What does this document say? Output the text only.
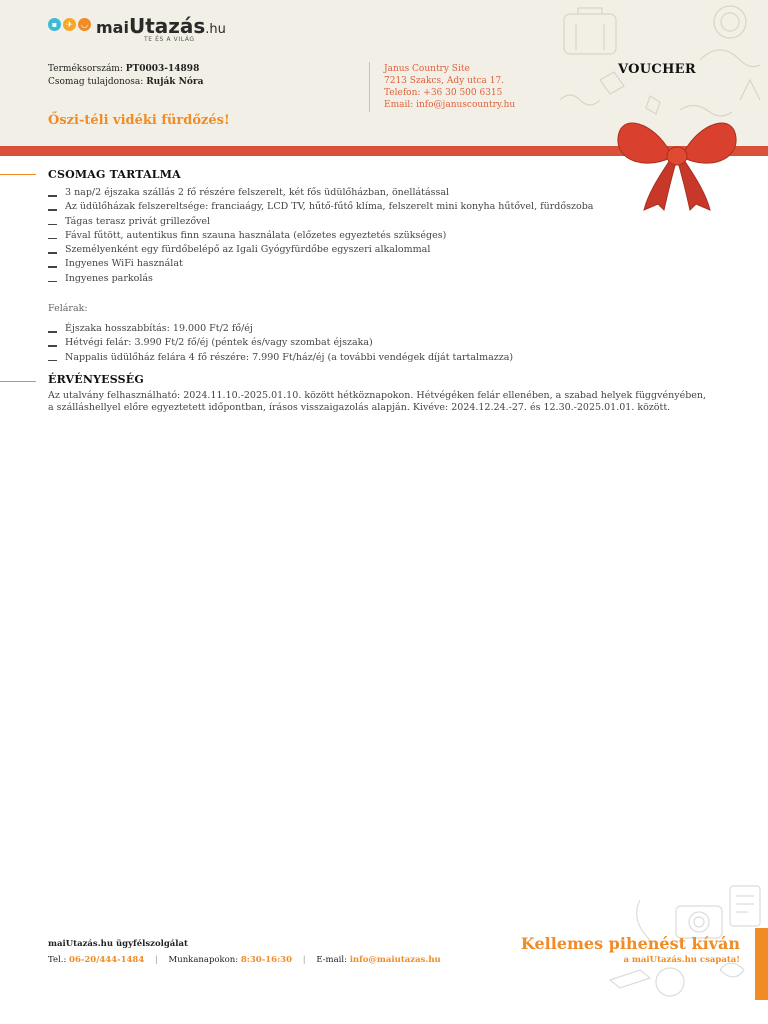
▪	✈	◡ maiUtazás.hu
TE ÉS A VILÁG
Terméksorszám: PT0003-14898
Csomag tulajdonosa: Ruják Nóra
Janus Country Site
7213 Szakcs, Ady utca 17.
Telefon: +36 30 500 6315
Email: info@januscountry.hu
VOUCHER
Őszi-téli vidéki fürdőzés!
CSOMAG TARTALMA
3 nap/2 éjszaka szállás 2 fő részére felszerelt, két fős üdülőházban, önellátással
Az üdülőházak felszereltsége: franciaágy, LCD TV, hűtő-fűtő klíma, felszerelt mini konyha hűtővel, fürdőszoba
Tágas terasz privát grillezővel
Fával fűtött, autentikus finn szauna használata (előzetes egyeztetés szükséges)
Személyenként egy fürdőbelépő az Igali Gyógyfürdőbe egyszeri alkalommal
Ingyenes WiFi használat
Ingyenes parkolás
Felárak:
Éjszaka hosszabbítás: 19.000 Ft/2 fő/éj
Hétvégi felár: 3.990 Ft/2 fő/éj (péntek és/vagy szombat éjszaka)
Nappalis üdülőház felára 4 fő részére: 7.990 Ft/ház/éj (a további vendégek díját tartalmazza)
ÉRVÉNYESSÉG
Az utalvány felhasználható: 2024.11.10.-2025.01.10. között hétköznapokon. Hétvégéken felár ellenében, a szabad helyek függvényében, a szálláshellyel előre egyeztetett időpontban, írásos visszaigazolás alapján. Kivéve: 2024.12.24.-27. és 12.30.-2025.01.01. között.
maiUtazás.hu ügyfélszolgálat
Tel.: 06-20/444-1484 | Munkanapokon: 8:30-16:30 | E-mail: info@maiutazas.hu
Kellemes pihenést kíván
a maiUtazás.hu csapata!
